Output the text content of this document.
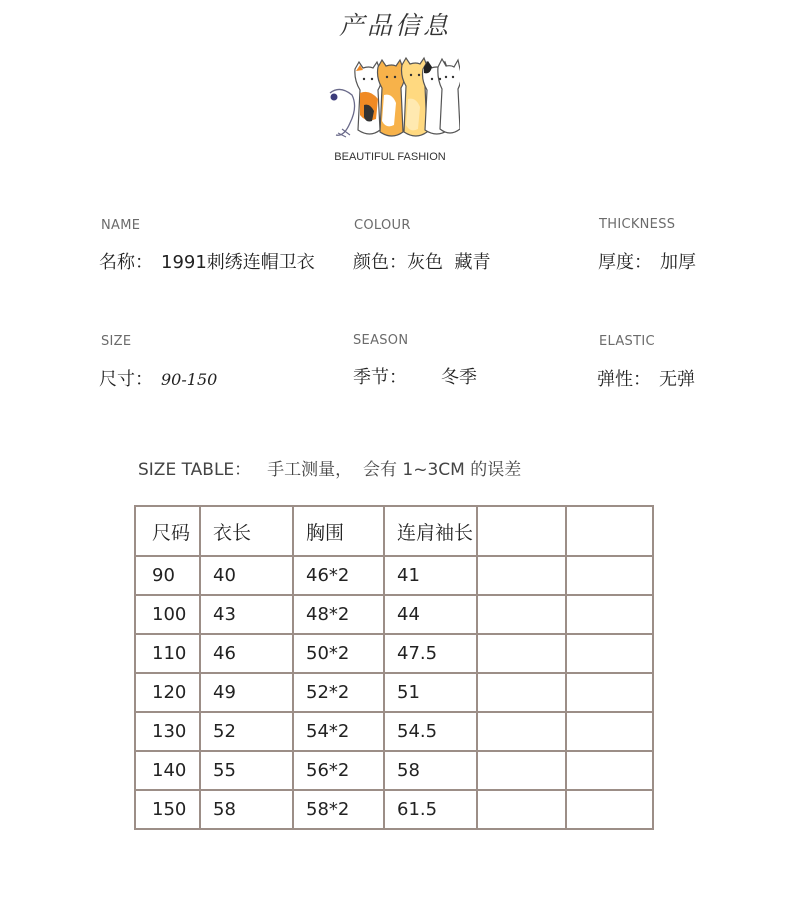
产品信息
BEAUTIFUL FASHION
NAME
名称： 1991刺绣连帽卫衣
COLOUR
颜色：灰色  藏青
THICKNESS
厚度： 加厚
SIZE
尺寸： 90-150
SEASON
季节： 冬季
ELASTIC
弹性： 无弹
SIZE TABLE： 手工测量，  会有 1~3CM 的误差
尺码	衣长	胸围	连肩袖长		
90	40	46*2	41		
100	43	48*2	44		
110	46	50*2	47.5		
120	49	52*2	51		
130	52	54*2	54.5		
140	55	56*2	58		
150	58	58*2	61.5		
